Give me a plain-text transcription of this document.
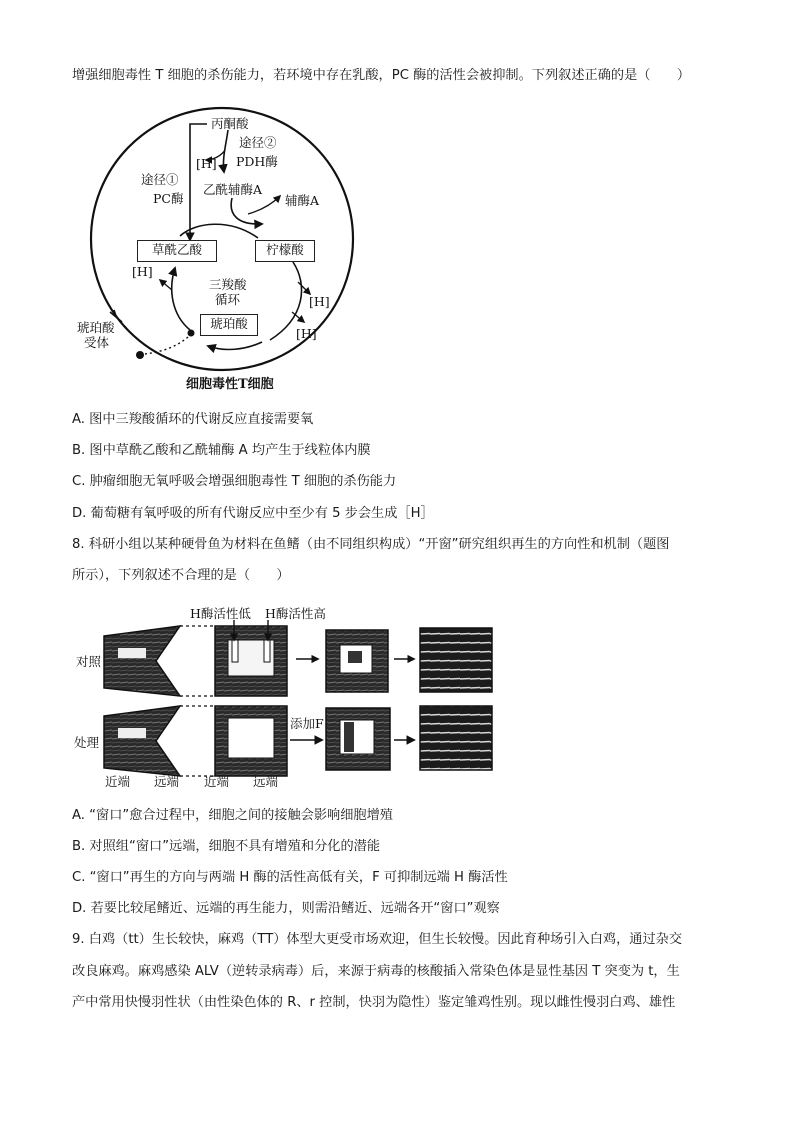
增强细胞毒性 T 细胞的杀伤能力，若环境中存在乳酸，PC 酶的活性会被抑制。下列叙述正确的是（　　）
丙酮酸
途径②
[H] PDH酶
途径①
乙酰辅酶A
PC酶	辅酶A
草酰乙酸	柠檬酸
[H]
三羧酸
循环	[H]
琥珀酸
[H]
琥珀酸
受体
细胞毒性T细胞
A. 图中三羧酸循环的代谢反应直接需要氧
B. 图中草酰乙酸和乙酰辅酶 A 均产生于线粒体内膜
C. 肿瘤细胞无氧呼吸会增强细胞毒性 T 细胞的杀伤能力
D. 葡萄糖有氧呼吸的所有代谢反应中至少有 5 步会生成［H］
8. 科研小组以某种硬骨鱼为材料在鱼鳍（由不同组织构成）“开窗”研究组织再生的方向性和机制（题图
所示），下列叙述不合理的是（　　）
H酶活性低 H酶活性高
对照
处理
添加F
近端 远端 近端 远端
A. “窗口”愈合过程中，细胞之间的接触会影响细胞增殖
B. 对照组“窗口”远端，细胞不具有增殖和分化的潜能
C. “窗口”再生的方向与两端 H 酶的活性高低有关，F 可抑制远端 H 酶活性
D. 若要比较尾鳍近、远端的再生能力，则需沿鳍近、远端各开“窗口”观察
9. 白鸡（tt）生长较快，麻鸡（TT）体型大更受市场欢迎，但生长较慢。因此育种场引入白鸡，通过杂交
改良麻鸡。麻鸡感染 ALV（逆转录病毒）后，来源于病毒的核酸插入常染色体是显性基因 T 突变为 t，生
产中常用快慢羽性状（由性染色体的 R、r 控制，快羽为隐性）鉴定雏鸡性别。现以雌性慢羽白鸡、雄性
